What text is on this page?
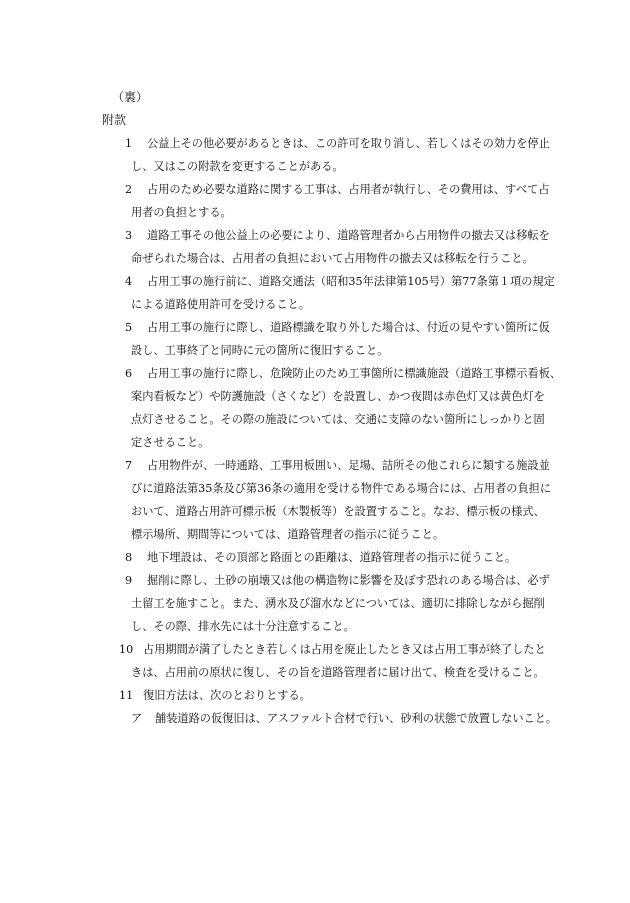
（裏）
附款
1 公益上その他必要があるときは、この許可を取り消し、若しくはその効力を停止
し、又はこの附款を変更することがある。
2 占用のため必要な道路に関する工事は、占用者が執行し、その費用は、すべて占
用者の負担とする。
3 道路工事その他公益上の必要により、道路管理者から占用物件の撤去又は移転を
命ぜられた場合は、占用者の負担において占用物件の撤去又は移転を行うこと。
4 占用工事の施行前に、道路交通法（昭和35年法律第105号）第77条第１項の規定
による道路使用許可を受けること。
5 占用工事の施行に際し、道路標識を取り外した場合は、付近の見やすい箇所に仮
設し、工事終了と同時に元の箇所に復旧すること。
6 占用工事の施行に際し、危険防止のため工事箇所に標識施設（道路工事標示看板、
案内看板など）や防護施設（さくなど）を設置し、かつ夜間は赤色灯又は黄色灯を
点灯させること。その際の施設については、交通に支障のない箇所にしっかりと固
定させること。
7 占用物件が、一時通路、工事用板囲い、足場、詰所その他これらに類する施設並
びに道路法第35条及び第36条の適用を受ける物件である場合には、占用者の負担に
おいて、道路占用許可標示板（木製板等）を設置すること。なお、標示板の様式、
標示場所、期間等については、道路管理者の指示に従うこと。
8 地下埋設は、その頂部と路面との距離は、道路管理者の指示に従うこと。
9 掘削に際し、土砂の崩壊又は他の構造物に影響を及ぼす恐れのある場合は、必ず
土留工を施すこと。また、湧水及び溜水などについては、適切に排除しながら掘削
し、その際、排水先には十分注意すること。
10 占用期間が満了したとき若しくは占用を廃止したとき又は占用工事が終了したと
きは、占用前の原状に復し、その旨を道路管理者に届け出て、検査を受けること。
11 復旧方法は、次のとおりとする。
ア 舗装道路の仮復旧は、アスファルト合材で行い、砂利の状態で放置しないこと。
